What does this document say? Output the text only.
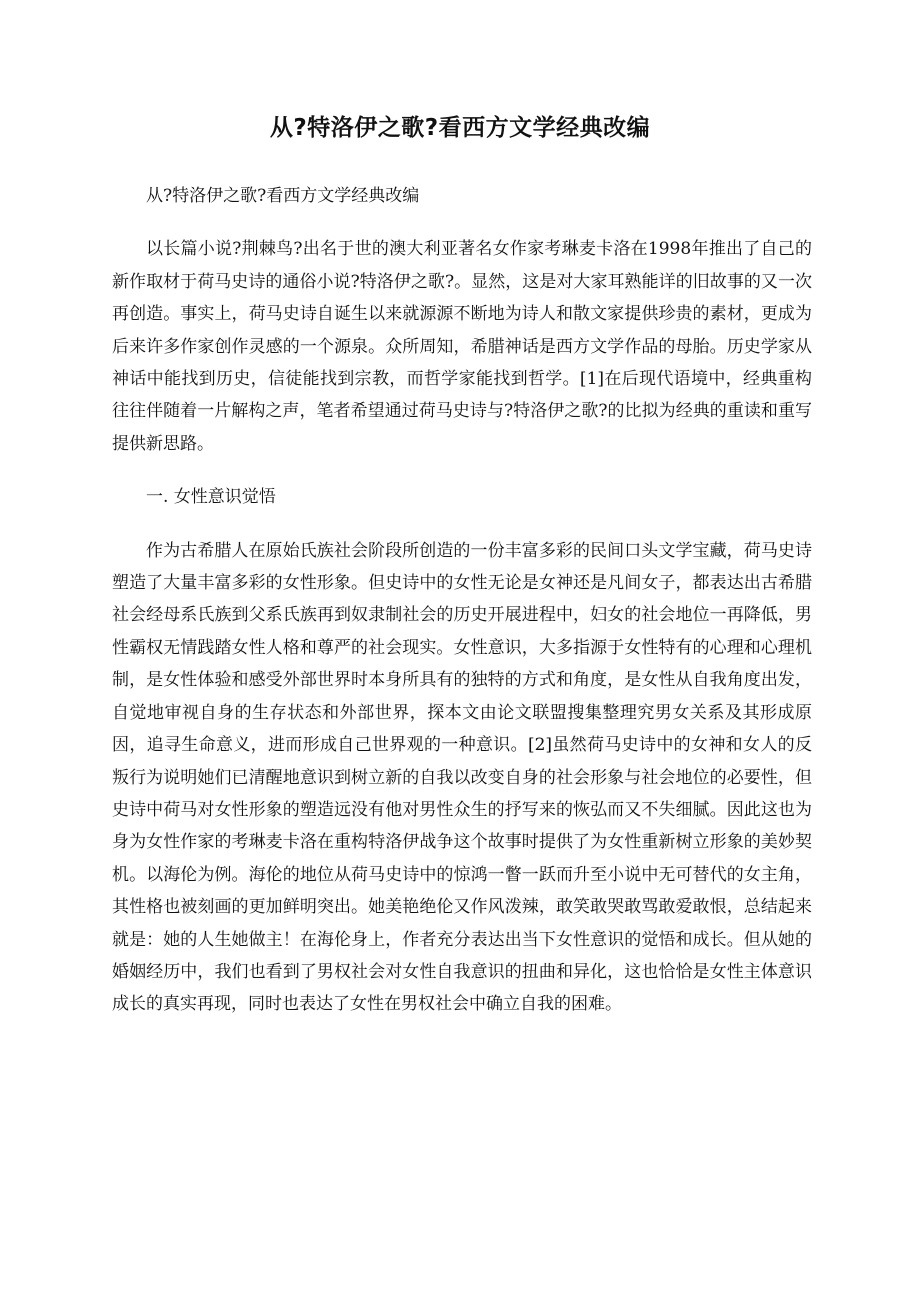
从?特洛伊之歌?看西方文学经典改编

从?特洛伊之歌?看西方文学经典改编

以长篇小说?荆棘鸟?出名于世的澳大利亚著名女作家考琳麦卡洛在1998年推出了自己的新作取材于荷马史诗的通俗小说?特洛伊之歌?。显然，这是对大家耳熟能详的旧故事的又一次再创造。事实上，荷马史诗自诞生以来就源源不断地为诗人和散文家提供珍贵的素材，更成为后来许多作家创作灵感的一个源泉。众所周知，希腊神话是西方文学作品的母胎。历史学家从神话中能找到历史，信徒能找到宗教，而哲学家能找到哲学。[1]在后现代语境中，经典重构往往伴随着一片解构之声，笔者希望通过荷马史诗与?特洛伊之歌?的比拟为经典的重读和重写提供新思路。

一. 女性意识觉悟

作为古希腊人在原始氏族社会阶段所创造的一份丰富多彩的民间口头文学宝藏，荷马史诗塑造了大量丰富多彩的女性形象。但史诗中的女性无论是女神还是凡间女子，都表达出古希腊社会经母系氏族到父系氏族再到奴隶制社会的历史开展进程中，妇女的社会地位一再降低，男性霸权无情践踏女性人格和尊严的社会现实。女性意识，大多指源于女性特有的心理和心理机制，是女性体验和感受外部世界时本身所具有的独特的方式和角度，是女性从自我角度出发，自觉地审视自身的生存状态和外部世界，探本文由论文联盟搜集整理究男女关系及其形成原因，追寻生命意义，进而形成自己世界观的一种意识。[2]虽然荷马史诗中的女神和女人的反叛行为说明她们已清醒地意识到树立新的自我以改变自身的社会形象与社会地位的必要性，但史诗中荷马对女性形象的塑造远没有他对男性众生的抒写来的恢弘而又不失细腻。因此这也为身为女性作家的考琳麦卡洛在重构特洛伊战争这个故事时提供了为女性重新树立形象的美妙契机。以海伦为例。海伦的地位从荷马史诗中的惊鸿一瞥一跃而升至小说中无可替代的女主角，其性格也被刻画的更加鲜明突出。她美艳绝伦又作风泼辣，敢笑敢哭敢骂敢爱敢恨，总结起来就是：她的人生她做主！在海伦身上，作者充分表达出当下女性意识的觉悟和成长。但从她的婚姻经历中，我们也看到了男权社会对女性自我意识的扭曲和异化，这也恰恰是女性主体意识成长的真实再现，同时也表达了女性在男权社会中确立自我的困难。
